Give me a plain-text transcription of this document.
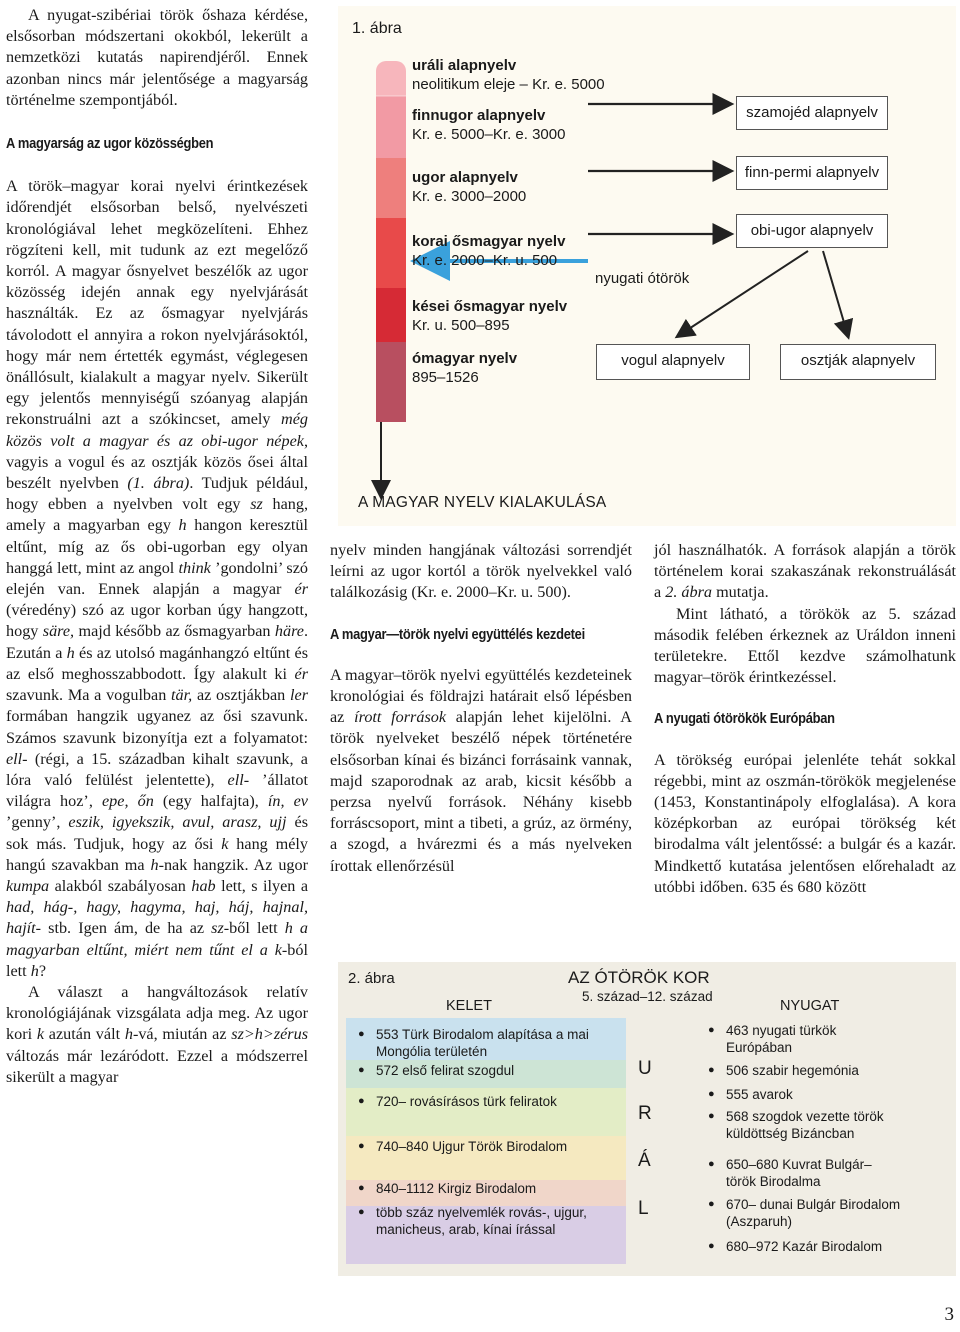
A nyugat-szibériai török őshaza kérdése, elsősorban módszertani okokból, lekerült a nemzetközi kutatás napirendjéről. Ennek azonban nincs már jelentősége a magyarság történelme szempontjából.

A magyarság az ugor közösségben

A török–magyar korai nyelvi érintkezések időrendjét elsősorban belső, nyelvészeti kronológiával lehet megközelíteni. Ehhez rögzíteni kell, mit tudunk az ezt megelőző korról. A magyar ősnyelvet beszélők az ugor közösség idején annak egy nyelvjárását használták. Ez az ősmagyar nyelvjárás távolodott el annyira a rokon nyelvjárásoktól, hogy már nem értették egymást, véglegesen önállósult, kialakult a magyar nyelv. Sikerült egy jelentős mennyiségű szóanyag alapján rekonstruálni azt a szókincset, amely még közös volt a magyar és az obi-ugor népek, vagyis a vogul és az osztják közös ősei által beszélt nyelvben (1. ábra). Tudjuk például, hogy ebben a nyelvben volt egy sz hang, amely a magyarban egy h hangon keresztül eltűnt, míg az ős obi-ugorban egy olyan hanggá lett, mint az angol think ’gondolni’ szó elején van. Ennek alapján a magyar ér (véredény) szó az ugor korban úgy hangzott, hogy säre, majd később az ősmagyarban häre. Ezután a h és az utolsó magánhangzó eltűnt és az első meghosszabbodott. Így alakult ki ér szavunk. Ma a vogulban tär, az osztjákban ler formában hangzik ugyanez az ősi szavunk. Számos szavunk bizonyítja ezt a folyamatot: ell- (régi, a 15. században kihalt szavunk, a lóra való felülést jelentette), ell- ’állatot világra hoz’, epe, őn (egy halfajta), ín, ev ’genny’, eszik, igyekszik, avul, arasz, ujj és sok más. Tudjuk, hogy az ősi k hang mély hangú szavakban ma h-nak hangzik. Az ugor kumpa alakból szabályosan hab lett, s ilyen a had, hág-, hagy, hagyma, haj, háj, hajnal, hajít- stb. Igen ám, de ha az sz-ből lett h a magyarban eltűnt, miért nem tűnt el a k-ból lett h?

A választ a hangváltozások relatív kronológiájának vizsgálata adja meg. Az ugor kori k azután vált h-vá, miután az sz>h>zérus változás már lezáródott. Ezzel a módszerrel sikerült a magyar

1. ábra
uráli alapnyelv
neolitikum eleje – Kr. e. 5000
finnugor alapnyelv
Kr. e. 5000–Kr. e. 3000
ugor alapnyelv
Kr. e. 3000–2000
korai ősmagyar nyelv
Kr. e. 2000–Kr. u. 500
kései ősmagyar nyelv
Kr. u. 500–895
ómagyar nyelv
895–1526
szamojéd alapnyelv
finn-permi alapnyelv
obi-ugor alapnyelv
nyugati ótörök
vogul alapnyelv	osztják alapnyelv
A MAGYAR NYELV KIALAKULÁSA

nyelv minden hangjának változási sorrendjét leírni az ugor kortól a török nyelvekkel való találkozásig (Kr. e. 2000–Kr. u. 500).

A magyar—török nyelvi együttélés kezdetei

A magyar–török nyelvi együttélés kezdeteinek kronológiai és földrajzi határait első lépésben az írott források alapján lehet kijelölni. A török nyelveket beszélő népek történetére elsősorban kínai és bizánci forrásaink vannak, majd szaporodnak az arab, kicsit később a perzsa nyelvű források. Néhány kisebb forráscsoport, mint a tibeti, a grúz, az örmény, a szogd, a hvárezmi és a más nyelveken írottak ellenőrzésül

jól használhatók. A források alapján a török történelem korai szakaszának rekonstruálását a 2. ábra mutatja.

Mint látható, a törökök az 5. század második felében érkeznek az Uráldon inneni területekre. Ettől kezdve számolhatunk magyar–török érintkezéssel.

A nyugati ótörökök Európában

A törökség európai jelenléte tehát sokkal régebbi, mint az oszmán-törökök megjelenése (1453, Konstantinápoly elfoglalása). A kora középkorban az európai törökség két birodalma vált jelentőssé: a bulgár és a kazár. Mindkettő kutatása jelentősen előrehaladt az utóbbi időben. 635 és 680 között

2. ábra	AZ ÓTÖRÖK KOR
5. század–12. század
KELET	NYUGAT
● 553 Türk Birodalom alapítása a mai Mongólia területén
● 572 első felirat szogdul
● 720– rovásírásos türk feliratok
● 740–840 Ujgur Török Birodalom
● 840–1112 Kirgiz Birodalom
● több száz nyelvemlék rovás-, ujgur, manicheus, arab, kínai írással
U
R
Á
L
● 463 nyugati türkök Európában
● 506 szabir hegemónia
● 555 avarok
● 568 szogdok vezette török küldöttség Bizáncban
● 650–680 Kuvrat Bulgár– török Birodalma
● 670– dunai Bulgár Birodalom (Aszparuh)
● 680–972 Kazár Birodalom
3
